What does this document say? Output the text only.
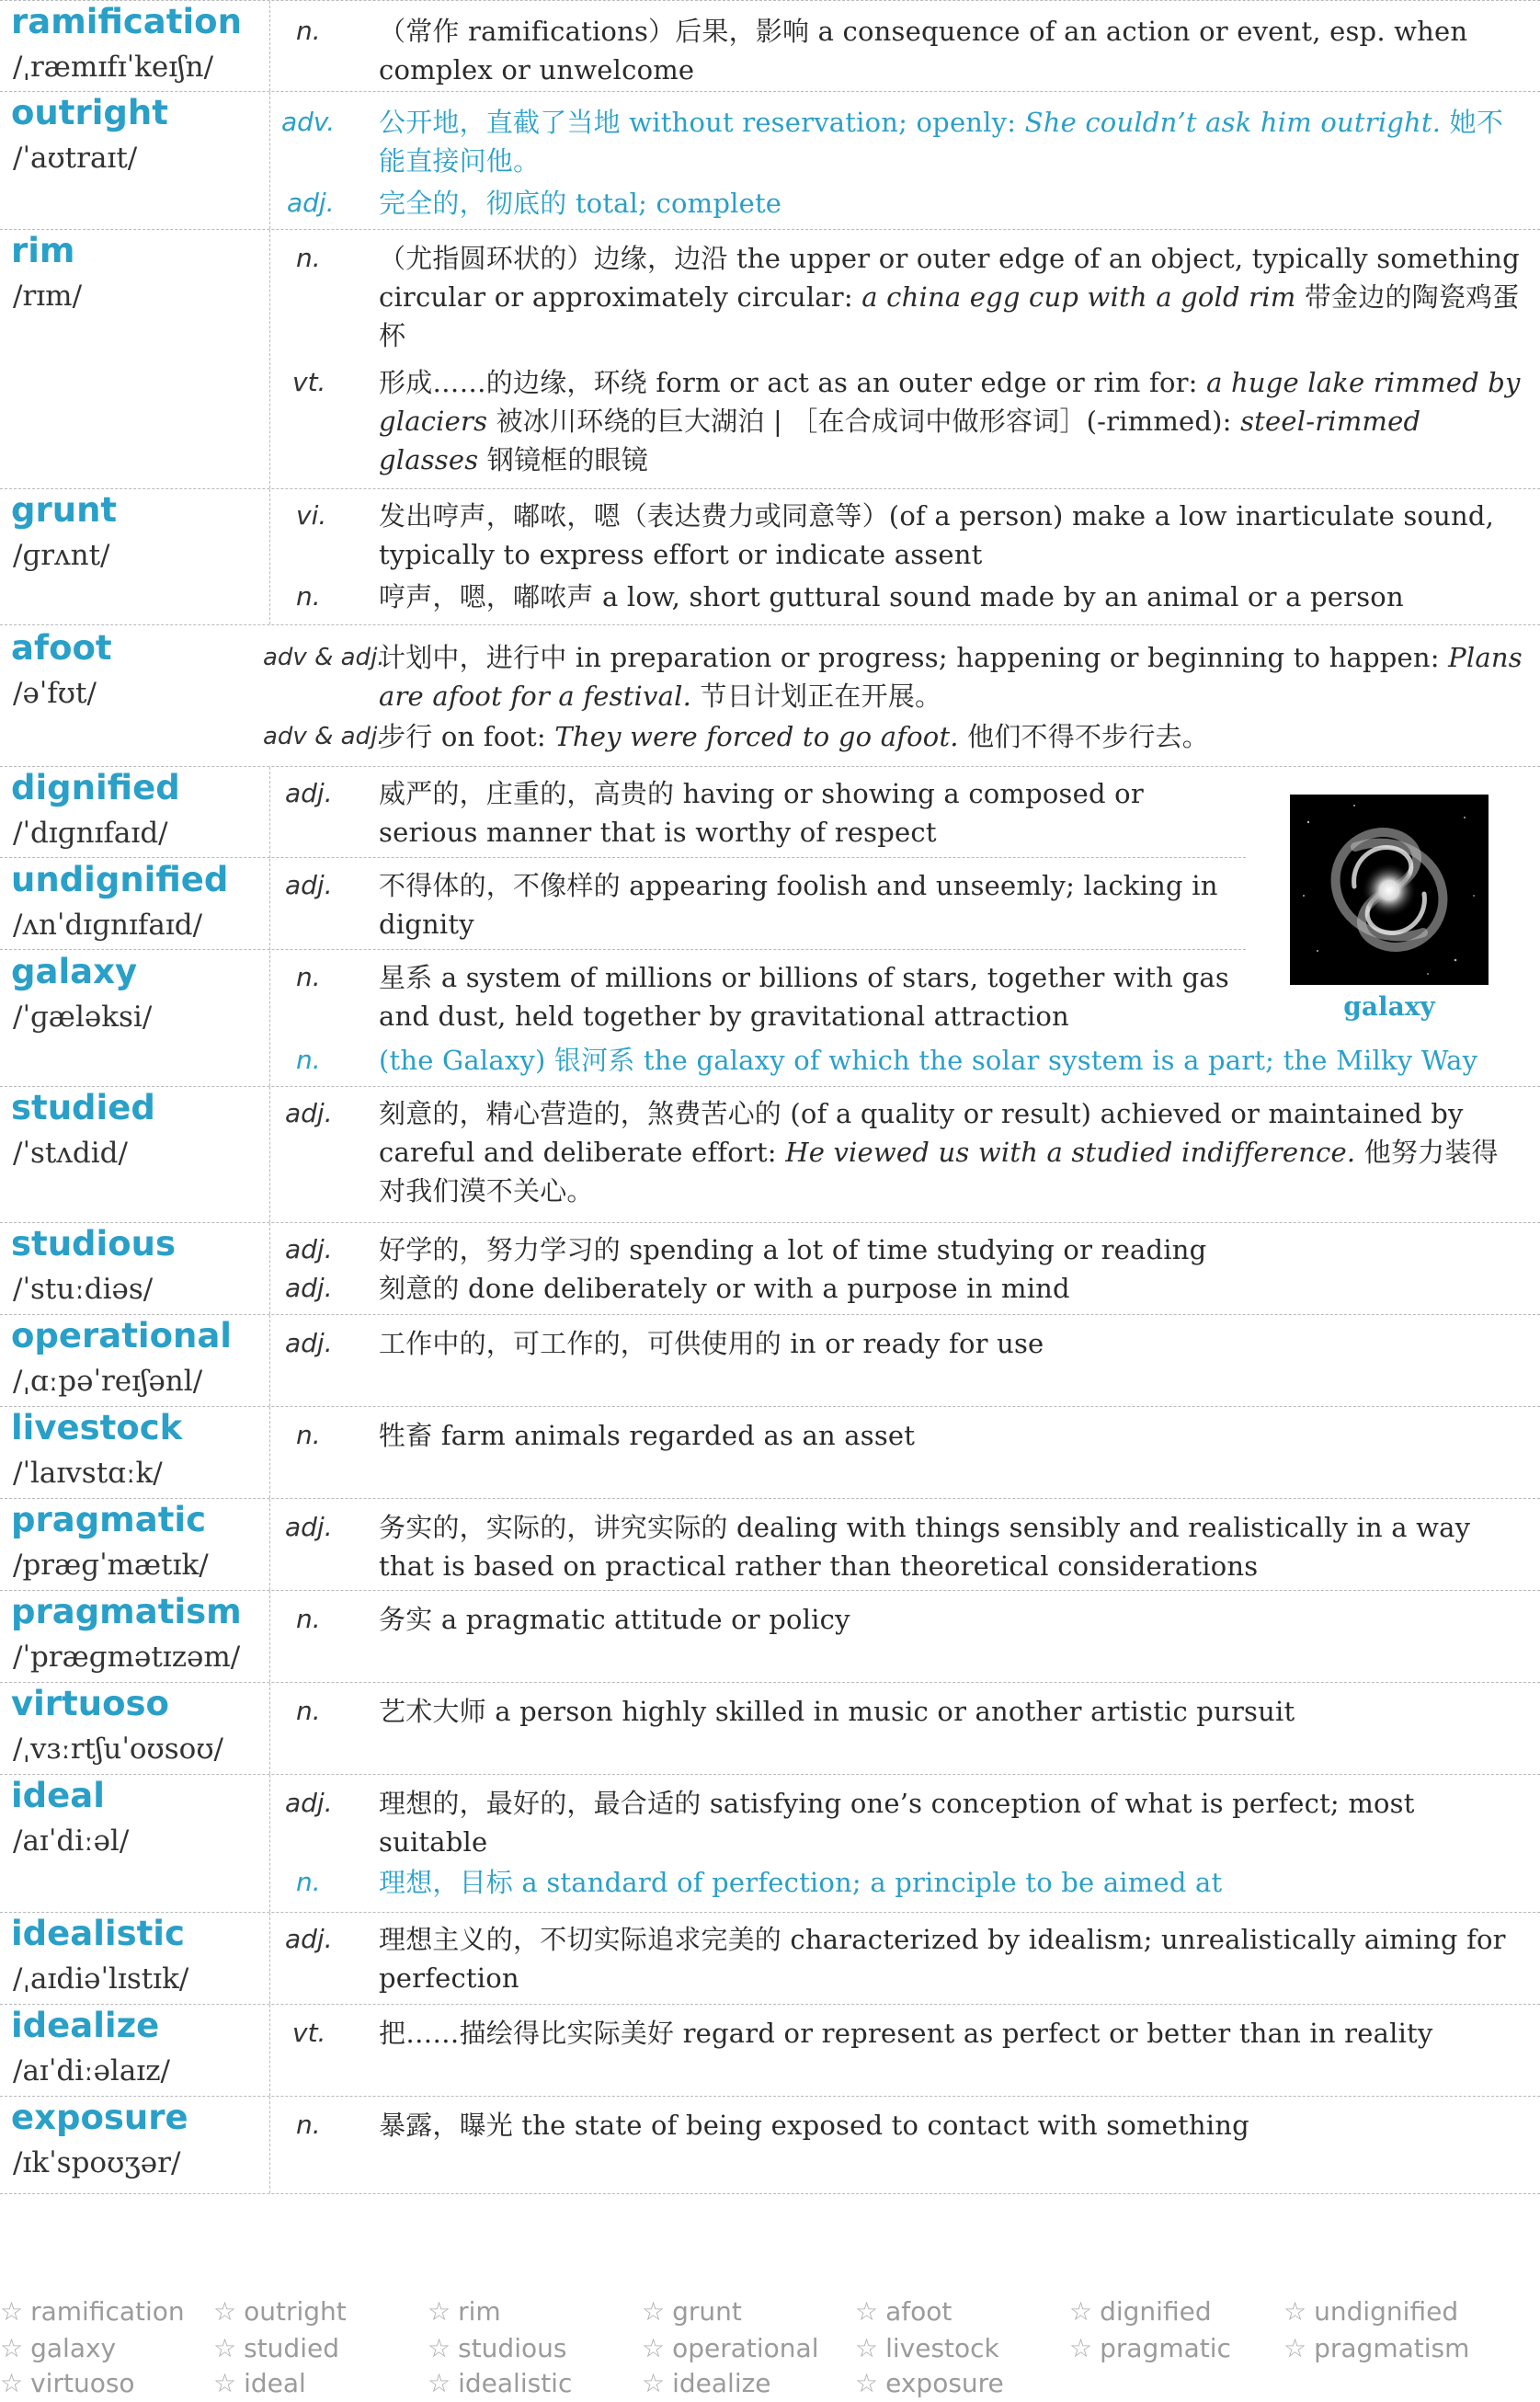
ramification
/ˌræmɪfɪˈkeɪʃn/
n. （常作 ramifications）后果，影响 a consequence of an action or event, esp. when complex or unwelcome
outright
/ˈaʊtraɪt/
adv. 公开地，直截了当地 without reservation; openly: She couldn’t ask him outright. 她不能直接问他。
adj. 完全的，彻底的 total; complete
rim
/rɪm/
n. （尤指圆环状的）边缘，边沿 the upper or outer edge of an object, typically something circular or approximately circular: a china egg cup with a gold rim 带金边的陶瓷鸡蛋杯
vt. 形成……的边缘，环绕 form or act as an outer edge or rim for: a huge lake rimmed by glaciers 被冰川环绕的巨大湖泊 | ［在合成词中做形容词］(-rimmed): steel-rimmed glasses 钢镜框的眼镜
grunt
/ɡrʌnt/
vi. 发出哼声，嘟哝，嗯（表达费力或同意等）(of a person) make a low inarticulate sound, typically to express effort or indicate assent
n. 哼声，嗯，嘟哝声 a low, short guttural sound made by an animal or a person
afoot
/əˈfʊt/
adv & adj.
计划中，进行中 in preparation or progress; happening or beginning to happen: Plans are afoot for a festival. 节日计划正在开展。
adv & adj.
步行 on foot: They were forced to go afoot. 他们不得不步行去。
dignified
/ˈdɪɡnɪfaɪd/
adj. 威严的，庄重的，高贵的 having or showing a composed or serious manner that is worthy of respect
undignified
/ʌnˈdɪɡnɪfaɪd/
adj. 不得体的，不像样的 appearing foolish and unseemly; lacking in dignity
galaxy
/ˈɡæləksi/
n. 星系 a system of millions or billions of stars, together with gas and dust, held together by gravitational attraction
n. (the Galaxy) 银河系 the galaxy of which the solar system is a part; the Milky Way
galaxy
studied
/ˈstʌdid/
adj. 刻意的，精心营造的，煞费苦心的 (of a quality or result) achieved or maintained by careful and deliberate effort: He viewed us with a studied indifference. 他努力装得对我们漠不关心。
studious
/ˈstuːdiəs/
adj. 好学的，努力学习的 spending a lot of time studying or reading
adj. 刻意的 done deliberately or with a purpose in mind
operational
/ˌɑːpəˈreɪʃənl/
adj. 工作中的，可工作的，可供使用的 in or ready for use
livestock
/ˈlaɪvstɑːk/
n. 牲畜 farm animals regarded as an asset
pragmatic
/præɡˈmætɪk/
adj. 务实的，实际的，讲究实际的 dealing with things sensibly and realistically in a way that is based on practical rather than theoretical considerations
pragmatism
/ˈpræɡmətɪzəm/
n. 务实 a pragmatic attitude or policy
virtuoso
/ˌvɜːrtʃuˈoʊsoʊ/
n. 艺术大师 a person highly skilled in music or another artistic pursuit
ideal
/aɪˈdiːəl/
adj. 理想的，最好的，最合适的 satisfying one’s conception of what is perfect; most suitable
n. 理想，目标 a standard of perfection; a principle to be aimed at
idealistic
/ˌaɪdiəˈlɪstɪk/
adj. 理想主义的，不切实际追求完美的 characterized by idealism; unrealistically aiming for perfection
idealize
/aɪˈdiːəlaɪz/
vt. 把……描绘得比实际美好 regard or represent as perfect or better than in reality
exposure
/ɪkˈspoʊʒər/
n. 暴露，曝光 the state of being exposed to contact with something
☆ ramification ☆ outright	☆ rim	☆ grunt	☆ afoot	☆ dignified	☆ undignified
☆ galaxy	☆ studied	☆ studious	☆ operational ☆ livestock	☆ pragmatic ☆ pragmatism
☆ virtuoso	☆ ideal	☆ idealistic	☆ idealize	☆ exposure
